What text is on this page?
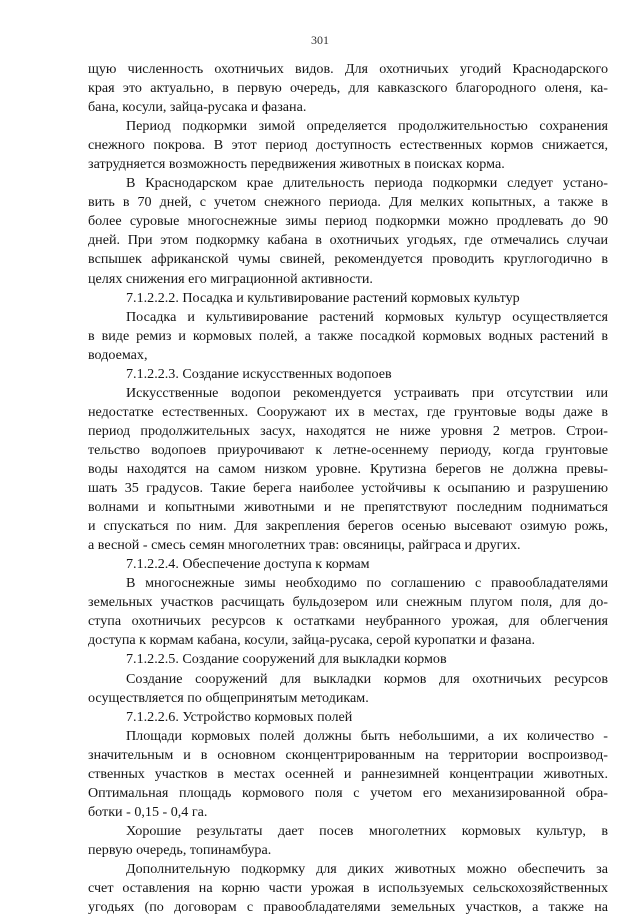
301
щую численность охотничьих видов. Для охотничьих угодий Краснодарского
края это актуально, в первую очередь, для кавказского благородного оленя, ка-
бана, косули, зайца-русака и фазана.
Период подкормки зимой определяется продолжительностью сохранения
снежного покрова. В этот период доступность естественных кормов снижается,
затрудняется возможность передвижения животных в поисках корма.
В Краснодарском крае длительность периода подкормки следует устано-
вить в 70 дней, с учетом снежного периода. Для мелких копытных, а также в
более суровые многоснежные зимы период подкормки можно продлевать до 90
дней. При этом подкормку кабана в охотничьих угодьях, где отмечались случаи
вспышек африканской чумы свиней, рекомендуется проводить круглогодично в
целях снижения его миграционной активности.
7.1.2.2.2. Посадка и культивирование растений кормовых культур
Посадка и культивирование растений кормовых культур осуществляется
в виде ремиз и кормовых полей, а также посадкой кормовых водных растений в
водоемах,
7.1.2.2.3. Создание искусственных водопоев
Искусственные водопои рекомендуется устраивать при отсутствии или
недостатке естественных. Сооружают их в местах, где грунтовые воды даже в
период продолжительных засух, находятся не ниже уровня 2 метров. Строи-
тельство водопоев приурочивают к летне-осеннему периоду, когда грунтовые
воды находятся на самом низком уровне. Крутизна берегов не должна превы-
шать 35 градусов. Такие берега наиболее устойчивы к осыпанию и разрушению
волнами и копытными животными и не препятствуют последним подниматься
и спускаться по ним. Для закрепления берегов осенью высевают озимую рожь,
а весной - смесь семян многолетних трав: овсяницы, райграса и других.
7.1.2.2.4. Обеспечение доступа к кормам
В многоснежные зимы необходимо по соглашению с правообладателями
земельных участков расчищать бульдозером или снежным плугом поля, для до-
ступа охотничьих ресурсов к остатками неубранного урожая, для облегчения
доступа к кормам кабана, косули, зайца-русака, серой куропатки и фазана.
7.1.2.2.5. Создание сооружений для выкладки кормов
Создание сооружений для выкладки кормов для охотничьих ресурсов
осуществляется по общепринятым методикам.
7.1.2.2.6. Устройство кормовых полей
Площади кормовых полей должны быть небольшими, а их количество -
значительным и в основном сконцентрированным на территории воспроизвод-
ственных участков в местах осенней и раннезимней концентрации животных.
Оптимальная площадь кормового поля с учетом его механизированной обра-
ботки - 0,15 - 0,4 га.
Хорошие результаты дает посев многолетних кормовых культур, в
первую очередь, топинамбура.
Дополнительную подкормку для диких животных можно обеспечить за
счет оставления на корню части урожая в используемых сельскохозяйственных
угодьях (по договорам с правообладателями земельных участков, а также на
